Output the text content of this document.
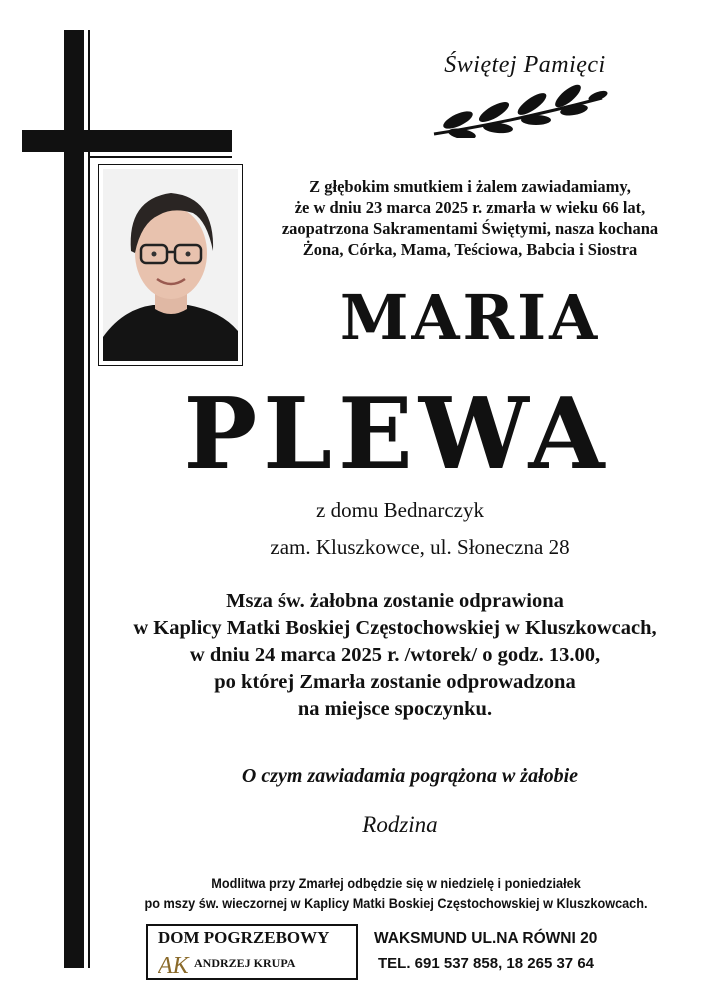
Świętej Pamięci
Z głębokim smutkiem i żalem zawiadamiamy,
że w dniu 23 marca 2025 r. zmarła w wieku 66 lat,
zaopatrzona Sakramentami Świętymi, nasza kochana
Żona, Córka, Mama, Teściowa, Babcia i Siostra
MARIA
PLEWA
z domu Bednarczyk
zam. Kluszkowce, ul. Słoneczna 28
Msza św. żałobna zostanie odprawiona
w Kaplicy Matki Boskiej Częstochowskiej w Kluszkowcach,
w dniu 24 marca 2025 r. /wtorek/ o godz. 13.00,
po której Zmarła zostanie odprowadzona
na miejsce spoczynku.
O czym zawiadamia pogrążona w żałobie
Rodzina
Modlitwa przy Zmarłej odbędzie się w niedzielę i poniedziałek
po mszy św. wieczornej w Kaplicy Matki Boskiej Częstochowskiej w Kluszkowcach.
DOM POGRZEBOWY
AK ANDRZEJ KRUPA
WAKSMUND UL.NA RÓWNI 20
TEL. 691 537 858, 18 265 37 64
